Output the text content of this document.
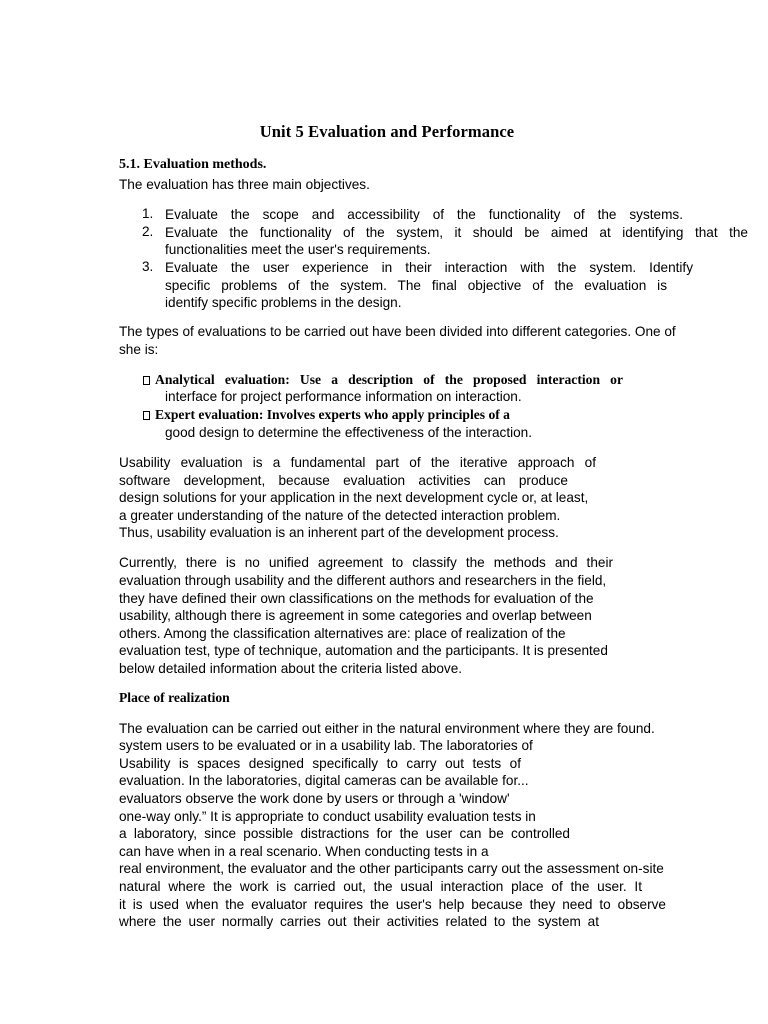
Unit 5 Evaluation and Performance
5.1. Evaluation methods.
The evaluation has three main objectives.
1. Evaluate the scope and accessibility of the functionality of the systems.
2. Evaluate the functionality of the system, it should be aimed at identifying that the
functionalities meet the user's requirements.
3. Evaluate the user experience in their interaction with the system. Identify
specific problems of the system. The final objective of the evaluation is
identify specific problems in the design.
The types of evaluations to be carried out have been divided into different categories. One of
she is:
Analytical evaluation: Use a description of the proposed interaction or
interface for project performance information on interaction.
Expert evaluation: Involves experts who apply principles of a
good design to determine the effectiveness of the interaction.
Usability evaluation is a fundamental part of the iterative approach of
software development, because evaluation activities can produce
design solutions for your application in the next development cycle or, at least,
a greater understanding of the nature of the detected interaction problem.
Thus, usability evaluation is an inherent part of the development process.
Currently, there is no unified agreement to classify the methods and their
evaluation through usability and the different authors and researchers in the field,
they have defined their own classifications on the methods for evaluation of the
usability, although there is agreement in some categories and overlap between
others. Among the classification alternatives are: place of realization of the
evaluation test, type of technique, automation and the participants. It is presented
below detailed information about the criteria listed above.
Place of realization
The evaluation can be carried out either in the natural environment where they are found.
system users to be evaluated or in a usability lab. The laboratories of
Usability is spaces designed specifically to carry out tests of
evaluation. In the laboratories, digital cameras can be available for...
evaluators observe the work done by users or through a 'window'
one-way only.” It is appropriate to conduct usability evaluation tests in
a laboratory, since possible distractions for the user can be controlled
can have when in a real scenario. When conducting tests in a
real environment, the evaluator and the other participants carry out the assessment on-site
natural where the work is carried out, the usual interaction place of the user. It
it is used when the evaluator requires the user's help because they need to observe
where the user normally carries out their activities related to the system at
